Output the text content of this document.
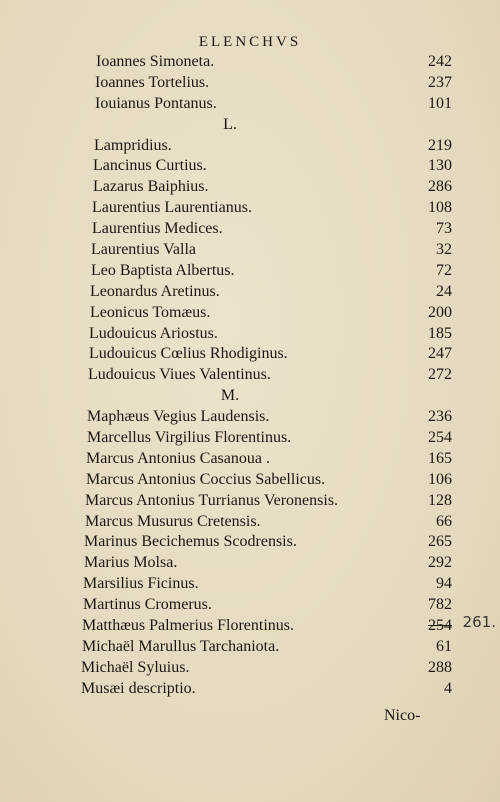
ELENCHVS
Ioannes Simoneta.	242
Ioannes Tortelius.	237
Iouianus Pontanus.	101
L.
Lampridius.	219
Lancinus Curtius.	130
Lazarus Baiphius.	286
Laurentius Laurentianus.	108
Laurentius Medices.	73
Laurentius Valla	32
Leo Baptista Albertus.	72
Leonardus Aretinus.	24
Leonicus Tomæus.	200
Ludouicus Ariostus.	185
Ludouicus Cœlius Rhodiginus.	247
Ludouicus Viues Valentinus.	272
M.
Maphæus Vegius Laudensis.	236
Marcellus Virgilius Florentinus.	254
Marcus Antonius Casanoua .	165
Marcus Antonius Coccius Sabellicus.	106
Marcus Antonius Turrianus Veronensis.	128
Marcus Musurus Cretensis.	66
Marinus Becichemus Scodrensis.	265
Marius Molsa.	292
Marsilius Ficinus.	94
Martinus Cromerus.	782
Matthæus Palmerius Florentinus.	254 261.
Michaël Marullus Tarchaniota.	61
Michaël Syluius.	288
Musæi descriptio.	4
Nico-
